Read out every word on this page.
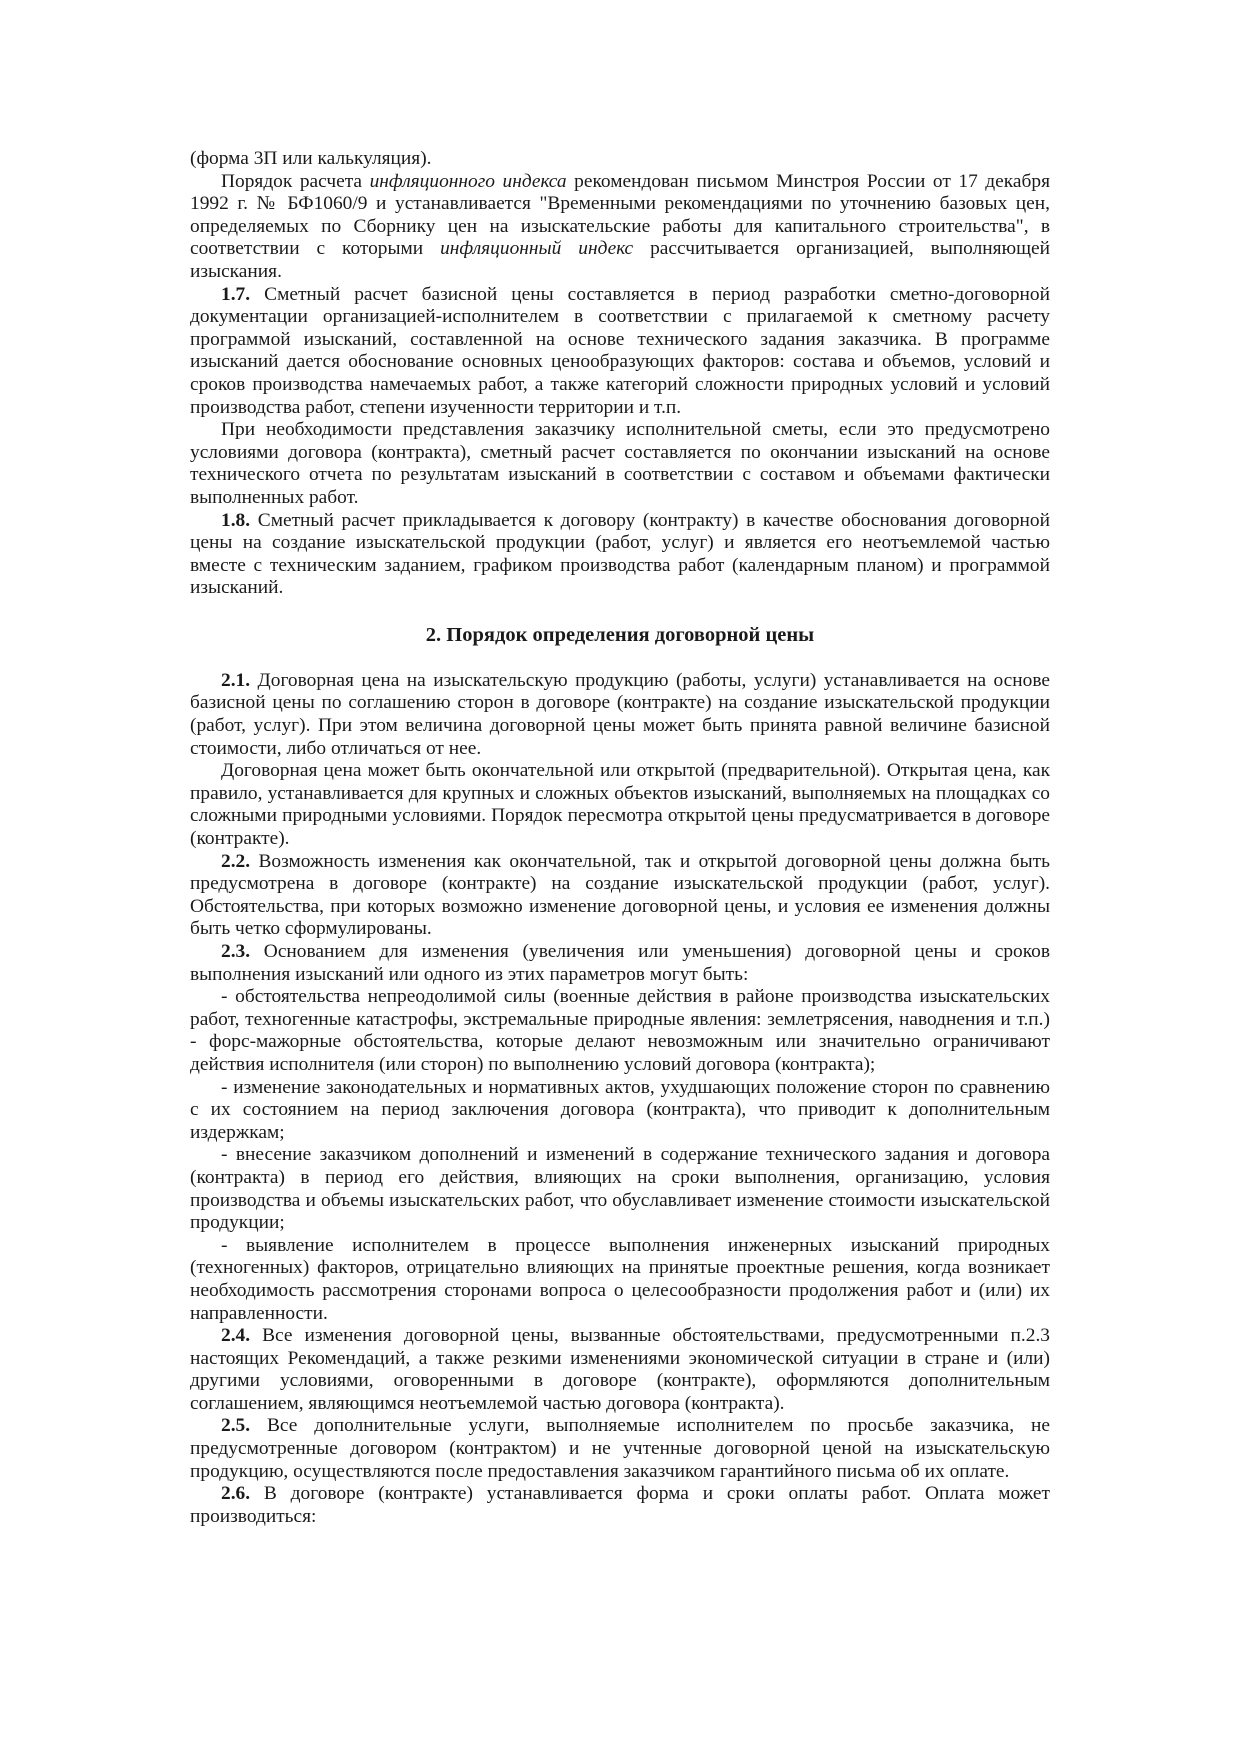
(форма 3П или калькуляция).

Порядок расчета инфляционного индекса рекомендован письмом Минстроя России от 17 декабря 1992 г. № БФ1060/9 и устанавливается "Временными рекомендациями по уточнению базовых цен, определяемых по Сборнику цен на изыскательские работы для капитального строительства", в соответствии с которыми инфляционный индекс рассчитывается организацией, выполняющей изыскания.

1.7. Сметный расчет базисной цены составляется в период разработки сметно-договорной документации организацией-исполнителем в соответствии с прилагаемой к сметному расчету программой изысканий, составленной на основе технического задания заказчика. В программе изысканий дается обоснование основных ценообразующих факторов: состава и объемов, условий и сроков производства намечаемых работ, а также категорий сложности природных условий и условий производства работ, степени изученности территории и т.п.

При необходимости представления заказчику исполнительной сметы, если это предусмотрено условиями договора (контракта), сметный расчет составляется по окончании изысканий на основе технического отчета по результатам изысканий в соответствии с составом и объемами фактически выполненных работ.

1.8. Сметный расчет прикладывается к договору (контракту) в качестве обоснования договорной цены на создание изыскательской продукции (работ, услуг) и является его неотъемлемой частью вместе с техническим заданием, графиком производства работ (календарным планом) и программой изысканий.

2. Порядок определения договорной цены

2.1. Договорная цена на изыскательскую продукцию (работы, услуги) устанавливается на основе базисной цены по соглашению сторон в договоре (контракте) на создание изыскательской продукции (работ, услуг). При этом величина договорной цены может быть принята равной величине базисной стоимости, либо отличаться от нее.

Договорная цена может быть окончательной или открытой (предварительной). Открытая цена, как правило, устанавливается для крупных и сложных объектов изысканий, выполняемых на площадках со сложными природными условиями. Порядок пересмотра открытой цены предусматривается в договоре (контракте).

2.2. Возможность изменения как окончательной, так и открытой договорной цены должна быть предусмотрена в договоре (контракте) на создание изыскательской продукции (работ, услуг). Обстоятельства, при которых возможно изменение договорной цены, и условия ее изменения должны быть четко сформулированы.

2.3. Основанием для изменения (увеличения или уменьшения) договорной цены и сроков выполнения изысканий или одного из этих параметров могут быть:

- обстоятельства непреодолимой силы (военные действия в районе производства изыскательских работ, техногенные катастрофы, экстремальные природные явления: землетрясения, наводнения и т.п.) - форс-мажорные обстоятельства, которые делают невозможным или значительно ограничивают действия исполнителя (или сторон) по выполнению условий договора (контракта);

- изменение законодательных и нормативных актов, ухудшающих положение сторон по сравнению с их состоянием на период заключения договора (контракта), что приводит к дополнительным издержкам;

- внесение заказчиком дополнений и изменений в содержание технического задания и договора (контракта) в период его действия, влияющих на сроки выполнения, организацию, условия производства и объемы изыскательских работ, что обуславливает изменение стоимости изыскательской продукции;

- выявление исполнителем в процессе выполнения инженерных изысканий природных (техногенных) факторов, отрицательно влияющих на принятые проектные решения, когда возникает необходимость рассмотрения сторонами вопроса о целесообразности продолжения работ и (или) их направленности.

2.4. Все изменения договорной цены, вызванные обстоятельствами, предусмотренными п.2.3 настоящих Рекомендаций, а также резкими изменениями экономической ситуации в стране и (или) другими условиями, оговоренными в договоре (контракте), оформляются дополнительным соглашением, являющимся неотъемлемой частью договора (контракта).

2.5. Все дополнительные услуги, выполняемые исполнителем по просьбе заказчика, не предусмотренные договором (контрактом) и не учтенные договорной ценой на изыскательскую продукцию, осуществляются после предоставления заказчиком гарантийного письма об их оплате.

2.6. В договоре (контракте) устанавливается форма и сроки оплаты работ. Оплата может производиться:
